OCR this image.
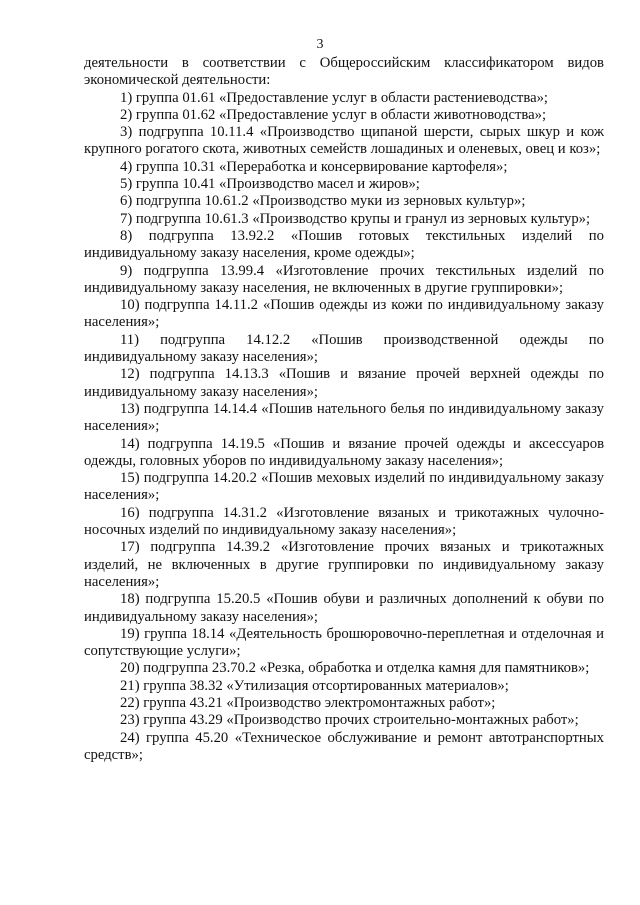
3

деятельности в соответствии с Общероссийским классификатором видов экономической деятельности:

1) группа 01.61 «Предоставление услуг в области растениеводства»;

2) группа 01.62 «Предоставление услуг в области животноводства»;

3) подгруппа 10.11.4 «Производство щипаной шерсти, сырых шкур и кож крупного рогатого скота, животных семейств лошадиных и оленевых, овец и коз»;

4) группа 10.31 «Переработка и консервирование картофеля»;

5) группа 10.41 «Производство масел и жиров»;

6) подгруппа 10.61.2 «Производство муки из зерновых культур»;

7) подгруппа 10.61.3 «Производство крупы и гранул из зерновых культур»;

8) подгруппа 13.92.2 «Пошив готовых текстильных изделий по индивидуальному заказу населения, кроме одежды»;

9) подгруппа 13.99.4 «Изготовление прочих текстильных изделий по индивидуальному заказу населения, не включенных в другие группировки»;

10) подгруппа 14.11.2 «Пошив одежды из кожи по индивидуальному заказу населения»;

11) подгруппа 14.12.2 «Пошив производственной одежды по индивидуальному заказу населения»;

12) подгруппа 14.13.3 «Пошив и вязание прочей верхней одежды по индивидуальному заказу населения»;

13) подгруппа 14.14.4 «Пошив нательного белья по индивидуальному заказу населения»;

14) подгруппа 14.19.5 «Пошив и вязание прочей одежды и аксессуаров одежды, головных уборов по индивидуальному заказу населения»;

15) подгруппа 14.20.2 «Пошив меховых изделий по индивидуальному заказу населения»;

16) подгруппа 14.31.2 «Изготовление вязаных и трикотажных чулочно-носочных изделий по индивидуальному заказу населения»;

17) подгруппа 14.39.2 «Изготовление прочих вязаных и трикотажных изделий, не включенных в другие группировки по индивидуальному заказу населения»;

18) подгруппа 15.20.5 «Пошив обуви и различных дополнений к обуви по индивидуальному заказу населения»;

19) группа 18.14 «Деятельность брошюровочно-переплетная и отделочная и сопутствующие услуги»;

20) подгруппа 23.70.2 «Резка, обработка и отделка камня для памятников»;

21) группа 38.32 «Утилизация отсортированных материалов»;

22) группа 43.21 «Производство электромонтажных работ»;

23) группа 43.29 «Производство прочих строительно-монтажных работ»;

24) группа 45.20 «Техническое обслуживание и ремонт автотранспортных средств»;
